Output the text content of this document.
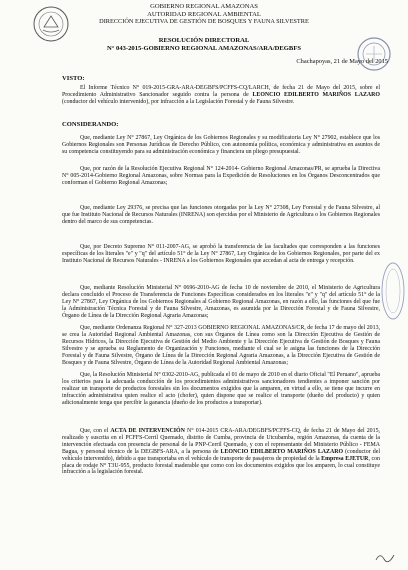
GOBIERNO REGIONAL AMAZONAS
AUTORIDAD REGIONAL AMBIENTAL
DIRECCIÓN EJECUTIVA DE GESTIÓN DE BOSQUES Y FAUNA SILVESTRE
RESOLUCIÓN DIRECTORAL
N° 043-2015-GOBIERNO REGIONAL AMAZONAS/ARA/DEGBFS
Chachapoyas, 21 de Mayo del 2015
VISTO:
El Informe Técnico N° 019-2015-GRA-ARA-DEGBFS/PCFFS-CQ/LARCH, de fecha 21 de Mayo del 2015, sobre el Procedimiento Administrativo Sancionador seguido contra la persona de LEONCIO EDILBERTO MARIÑOS LAZARO (conductor del vehículo intervenido), por infracción a la Legislación Forestal y de Fauna Silvestre.
CONSIDERANDO:
Que, mediante Ley N° 27867, Ley Orgánica de los Gobiernos Regionales y su modificatoria Ley N° 27902, establece que los Gobiernos Regionales son Personas Jurídicas de Derecho Público, con autonomía política, económica y administrativa en asuntos de su competencia constituyendo para su administración económica y financiera un pliego presupuestal.
Que, por razón de la Resolución Ejecutiva Regional N° 124-2014- Gobierno Regional Amazonas/PR, se aprueba la Directiva N° 005-2014-Gobierno Regional Amazonas, sobre Normas para la Expedición de Resoluciones en los Órganos Desconcentrados que conforman el Gobierno Regional Amazonas;
Que, mediante Ley 29376, se precisa que las funciones otorgadas por la Ley N° 27308, Ley Forestal y de Fauna Silvestre, al que fue Instituto Nacional de Recursos Naturales (INRENA) son ejercidas por el Ministerio de Agricultura o los Gobiernos Regionales dentro del marco de sus competencias.
Que, por Decreto Supremo N° 011-2007-AG, se aprobó la transferencia de las facultades que corresponden a las funciones específicas de los literales "e" y "q" del artículo 51° de la Ley N° 27867, Ley Orgánica de los Gobiernos Regionales, por parte del ex Instituto Nacional de Recursos Naturales - INRENA a los Gobiernos Regionales que accedan al acta de entrega y recepción.
Que, mediante Resolución Ministerial N° 0696-2010-AG de fecha 10 de noviembre de 2010, el Ministerio de Agricultura declara concluido el Proceso de Transferencia de Funciones Específicas considerados en los literales "e" y "q" del artículo 51° de la Ley N° 27867, Ley Orgánica de los Gobiernos Regionales al Gobierno Regional Amazonas, en razón a ello, las funciones del que fue la Administración Técnica Forestal y de Fauna Silvestre, Amazonas, es asumida por la Dirección Forestal y de Fauna Silvestre, Órgano de Línea de la Dirección Regional Agraria Amazonas;
Que, mediante Ordenanza Regional N° 327-2013 GOBIERNO REGIONAL AMAZONAS/CR, de fecha 17 de mayo del 2013, se crea la Autoridad Regional Ambiental Amazonas, con sus Órganos de Línea como son la Dirección Ejecutiva de Gestión de Recursos Hídricos, la Dirección Ejecutiva de Gestión del Medio Ambiente y la Dirección Ejecutiva de Gestión de Bosques y Fauna Silvestre y se aprueba su Reglamento de Organización y Funciones, mediante el cual se le asigna las funciones de la Dirección Forestal y de Fauna Silvestre, Órgano de Línea de la Dirección Regional Agraria Amazonas, a la Dirección Ejecutiva de Gestión de Bosques y de Fauna Silvestre, Órgano de Línea de la Autoridad Regional Ambiental Amazonas;
Que, la Resolución Ministerial N° 0302-2010-AG, publicada el 01 de mayo de 2010 en el diario Oficial "El Peruano", aprueba los criterios para la adecuada conducción de los procedimientos administrativos sancionadores tendientes a imponer sanción por realizar un transporte de productos forestales sin los documentos exigidos que la amparen, en virtud a ello, se tiene que incurre en infracción administrativa quien realice el acto (chofer), quien dispone que se realice el transporte (dueño del producto) y quien adicionalmente tenga que percibir la ganancia (dueño de los productos a transportar).
Que, con el ACTA DE INTERVENCIÓN N° 014-2015 CRA-ARA/DEGBFS/PCFFS-CQ, de fecha 21 de Mayo del 2015, realizado y suscrita en el PCFFS-Cerril Quemado, distrito de Cumba, provincia de Utcubamba, región Amazonas, da cuenta de la intervención efectuada con presencia de personal de la PNP-Cerril Quemado, y con el representante del Ministerio Público - FEMA Bagua, y personal técnico de la DEGBFS-ARA, a la persona de LEONCIO EDILBERTO MARIÑOS LAZARO (conductor del vehículo intervenido), debido a que transportaba en el vehículo de transporte de pasajeros de propiedad de la Empresa EJETUR, con placa de rodaje N° T3U-955, producto forestal maderable que como con los documentos exigidos que los amparen, lo cual constituye infracción a la legislación forestal.
